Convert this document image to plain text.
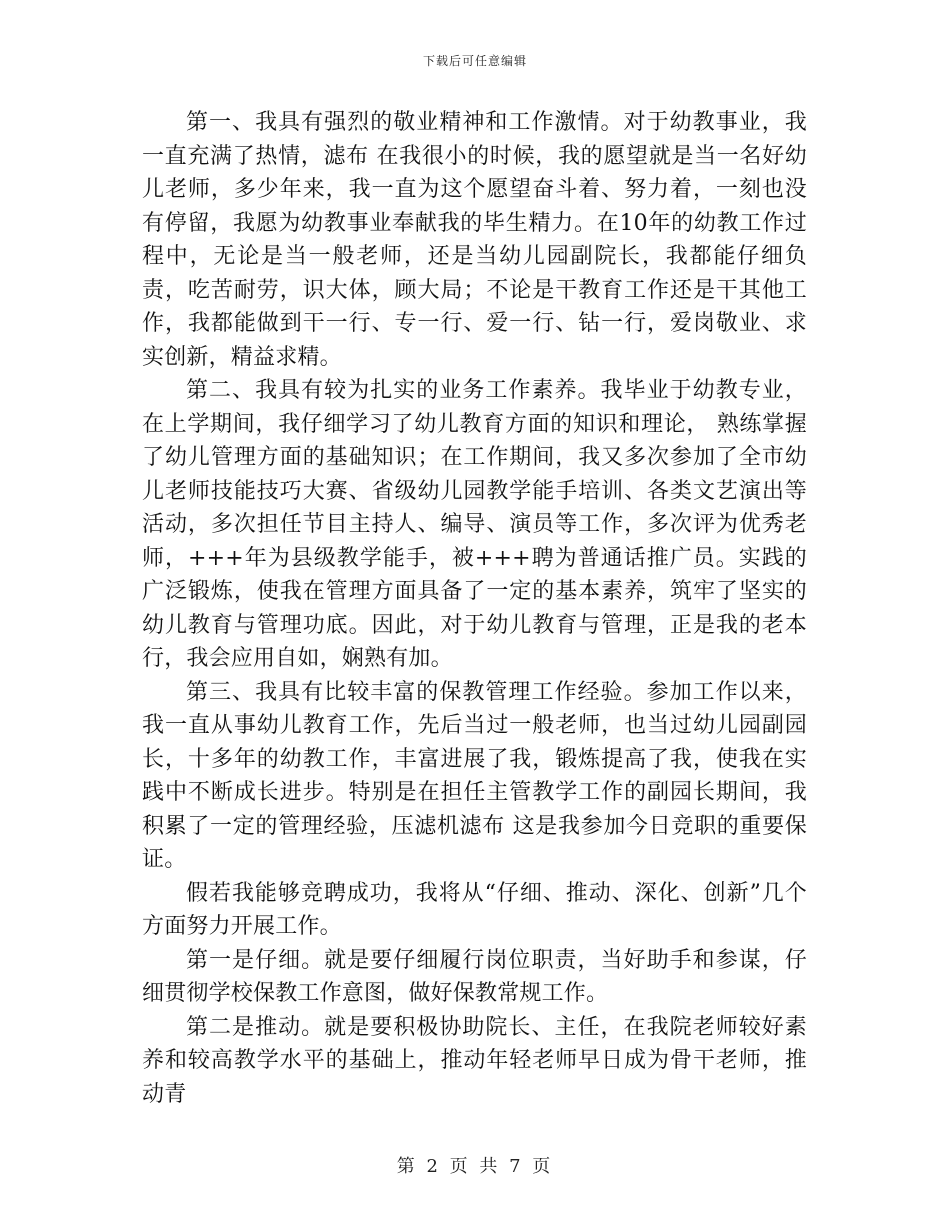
下载后可任意编辑

第一、我具有强烈的敬业精神和工作激情。对于幼教事业，我一直充满了热情，滤布 在我很小的时候，我的愿望就是当一名好幼儿老师，多少年来，我一直为这个愿望奋斗着、努力着，一刻也没有停留，我愿为幼教事业奉献我的毕生精力。在10年的幼教工作过程中，无论是当一般老师，还是当幼儿园副院长，我都能仔细负责，吃苦耐劳，识大体，顾大局；不论是干教育工作还是干其他工作，我都能做到干一行、专一行、爱一行、钻一行，爱岗敬业、求实创新，精益求精。

第二、我具有较为扎实的业务工作素养。我毕业于幼教专业，在上学期间，我仔细学习了幼儿教育方面的知识和理论， 熟练掌握了幼儿管理方面的基础知识；在工作期间，我又多次参加了全市幼儿老师技能技巧大赛、省级幼儿园教学能手培训、各类文艺演出等活动，多次担任节目主持人、编导、演员等工作，多次评为优秀老师，+++年为县级教学能手，被+++聘为普通话推广员。实践的广泛锻炼，使我在管理方面具备了一定的基本素养，筑牢了坚实的幼儿教育与管理功底。因此，对于幼儿教育与管理，正是我的老本行，我会应用自如，娴熟有加。

第三、我具有比较丰富的保教管理工作经验。参加工作以来，我一直从事幼儿教育工作，先后当过一般老师，也当过幼儿园副园长，十多年的幼教工作，丰富进展了我，锻炼提高了我，使我在实践中不断成长进步。特别是在担任主管教学工作的副园长期间，我积累了一定的管理经验，压滤机滤布 这是我参加今日竞职的重要保证。

假若我能够竞聘成功，我将从“仔细、推动、深化、创新”几个方面努力开展工作。

第一是仔细。就是要仔细履行岗位职责，当好助手和参谋，仔细贯彻学校保教工作意图，做好保教常规工作。

第二是推动。就是要积极协助院长、主任，在我院老师较好素养和较高教学水平的基础上，推动年轻老师早日成为骨干老师，推动青

第 2 页 共 7 页
